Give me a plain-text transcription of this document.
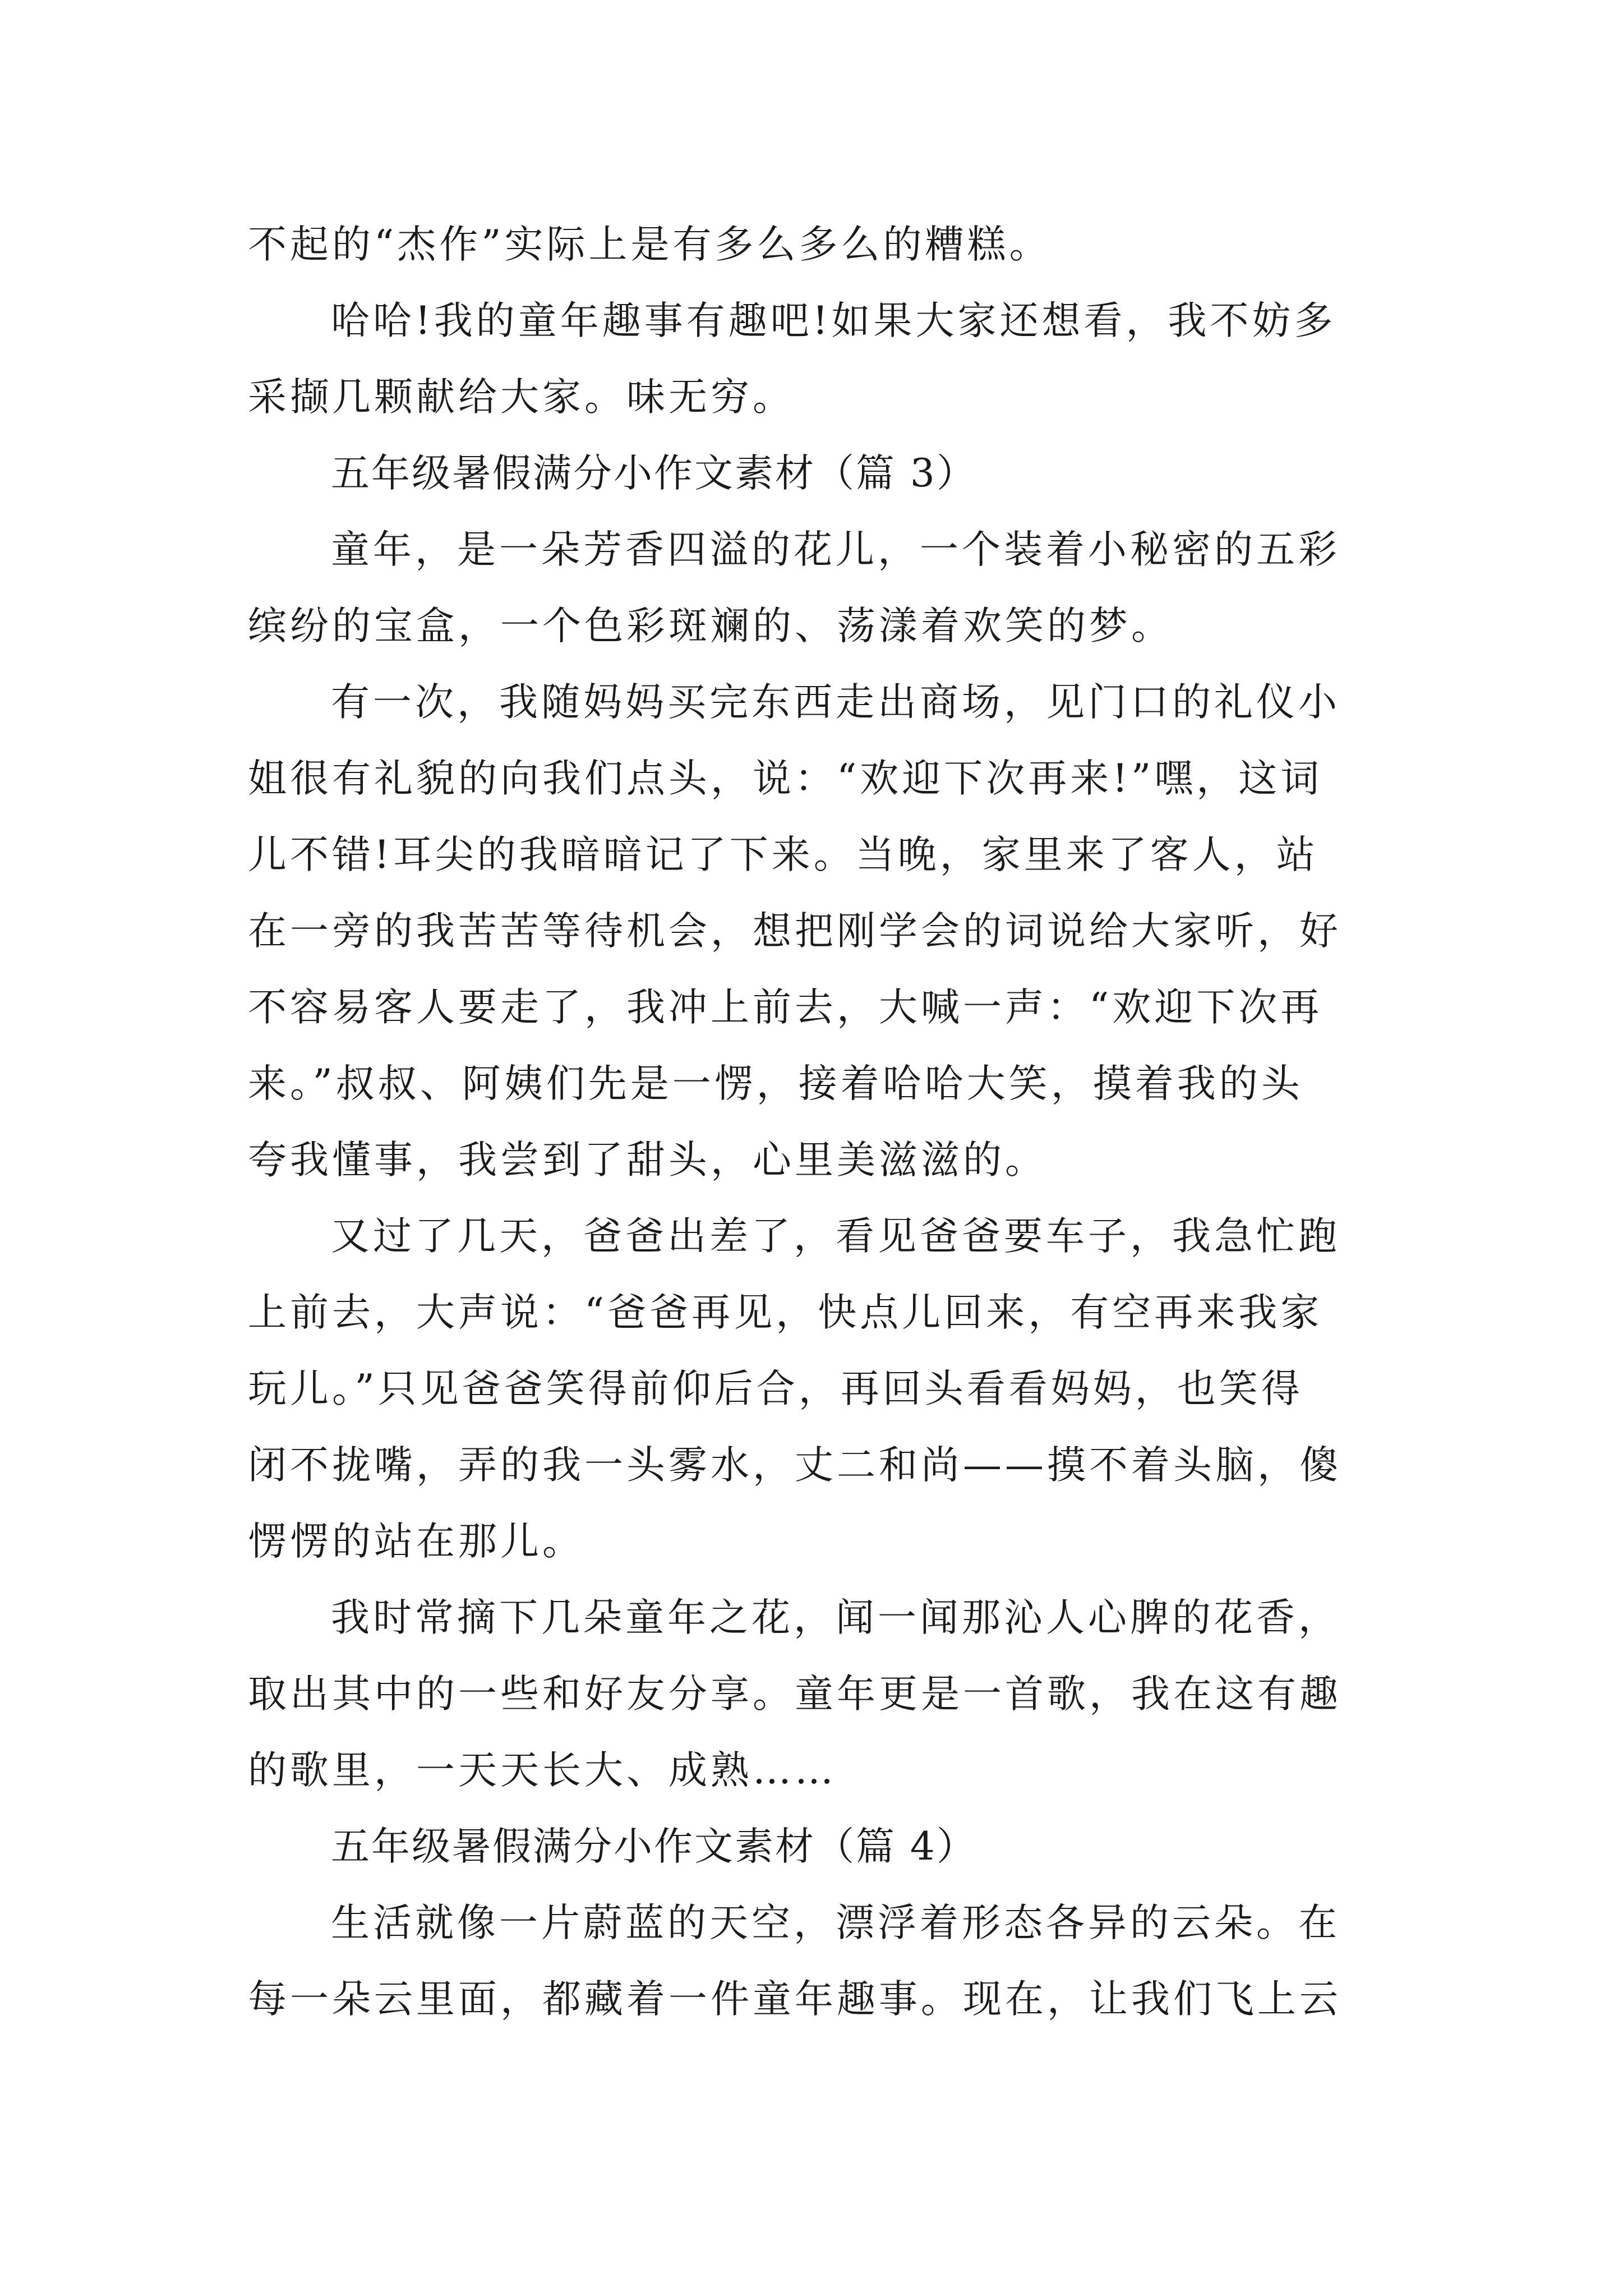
不起的“杰作”实际上是有多么多么的糟糕。
哈哈!我的童年趣事有趣吧!如果大家还想看，我不妨多
采撷几颗献给大家。味无穷。
五年级暑假满分小作文素材（篇 3）
童年，是一朵芳香四溢的花儿，一个装着小秘密的五彩
缤纷的宝盒，一个色彩斑斓的、荡漾着欢笑的梦。
有一次，我随妈妈买完东西走出商场，见门口的礼仪小
姐很有礼貌的向我们点头，说：“欢迎下次再来!”嘿，这词
儿不错!耳尖的我暗暗记了下来。当晚，家里来了客人，站
在一旁的我苦苦等待机会，想把刚学会的词说给大家听，好
不容易客人要走了，我冲上前去，大喊一声：“欢迎下次再
来。”叔叔、阿姨们先是一愣，接着哈哈大笑，摸着我的头
夸我懂事，我尝到了甜头，心里美滋滋的。
又过了几天，爸爸出差了，看见爸爸要车子，我急忙跑
上前去，大声说：“爸爸再见，快点儿回来，有空再来我家
玩儿。”只见爸爸笑得前仰后合，再回头看看妈妈，也笑得
闭不拢嘴，弄的我一头雾水，丈二和尚——摸不着头脑，傻
愣愣的站在那儿。
我时常摘下几朵童年之花，闻一闻那沁人心脾的花香，
取出其中的一些和好友分享。童年更是一首歌，我在这有趣
的歌里，一天天长大、成熟……
五年级暑假满分小作文素材（篇 4）
生活就像一片蔚蓝的天空，漂浮着形态各异的云朵。在
每一朵云里面，都藏着一件童年趣事。现在，让我们飞上云
